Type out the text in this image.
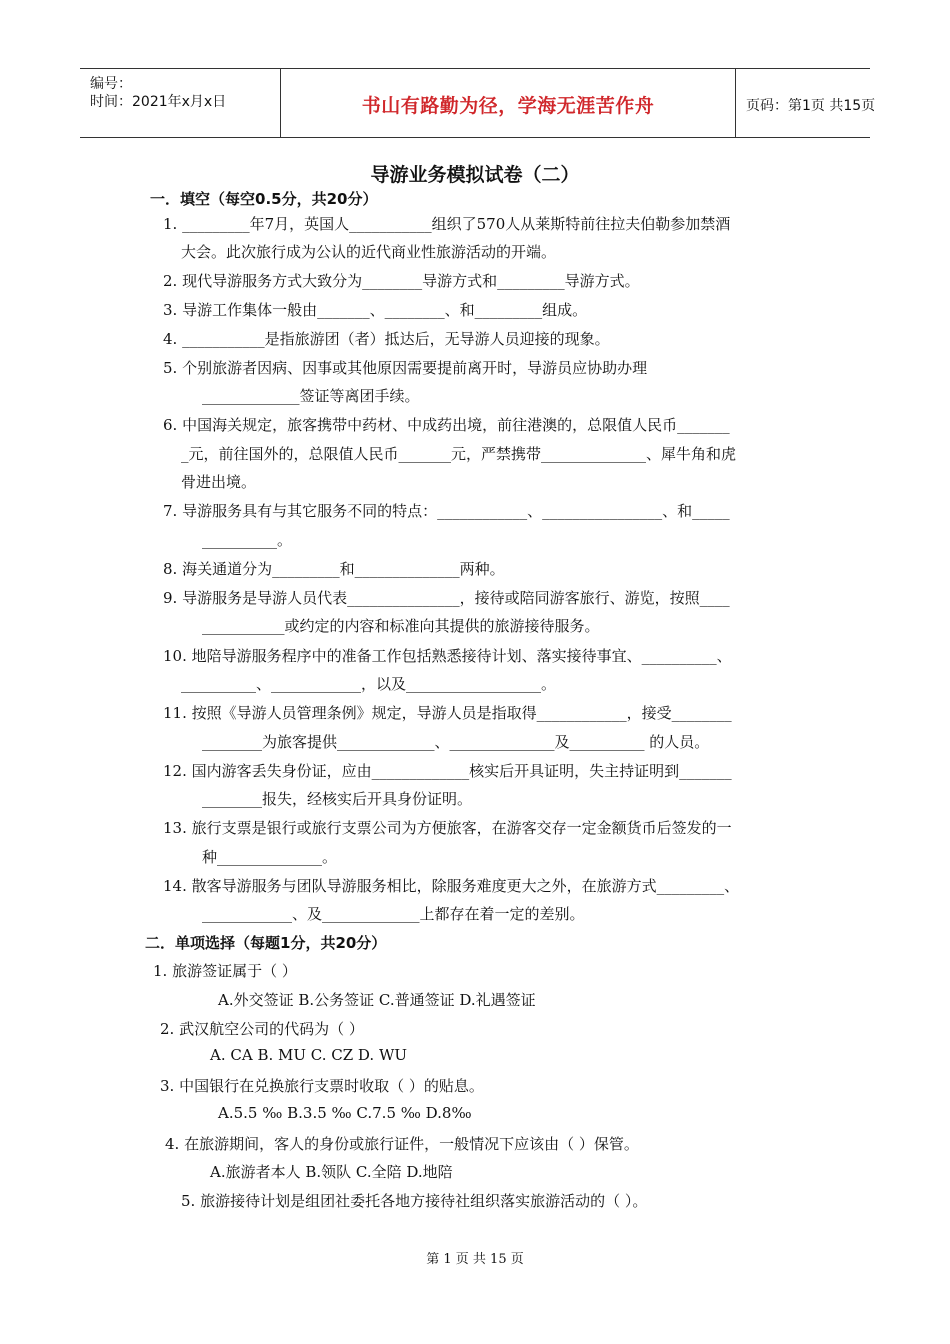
编号：
时间：2021年x月x日	书山有路勤为径，学海无涯苦作舟	页码：第1页 共15页
导游业务模拟试卷（二）
一．填空（每空0.5分，共20分）
1. _________年7月，英国人___________组织了570人从莱斯特前往拉夫伯勒参加禁酒
大会。此次旅行成为公认的近代商业性旅游活动的开端。
2. 现代导游服务方式大致分为________导游方式和_________导游方式。
3. 导游工作集体一般由_______、________、和_________组成。
4. ___________是指旅游团（者）抵达后，无导游人员迎接的现象。
5. 个别旅游者因病、因事或其他原因需要提前离开时，导游员应协助办理
_____________签证等离团手续。
6. 中国海关规定，旅客携带中药材、中成药出境，前往港澳的，总限值人民币_______
_元，前往国外的，总限值人民币_______元，严禁携带______________、犀牛角和虎
骨进出境。
7. 导游服务具有与其它服务不同的特点：____________、________________、和_____
__________。
8. 海关通道分为_________和______________两种。
9. 导游服务是导游人员代表_______________，接待或陪同游客旅行、游览，按照____
___________或约定的内容和标准向其提供的旅游接待服务。
10. 地陪导游服务程序中的准备工作包括熟悉接待计划、落实接待事宜、__________、
__________、____________，以及__________________。
11. 按照《导游人员管理条例》规定，导游人员是指取得____________，接受________
________为旅客提供_____________、______________及__________ 的人员。
12. 国内游客丢失身份证，应由_____________核实后开具证明，失主持证明到_______
________报失，经核实后开具身份证明。
13. 旅行支票是银行或旅行支票公司为方便旅客，在游客交存一定金额货币后签发的一
种______________。
14. 散客导游服务与团队导游服务相比，除服务难度更大之外，在旅游方式_________、
____________、及_____________上都存在着一定的差别。
二．单项选择（每题1分，共20分）
1. 旅游签证属于（ ）
A.外交签证 B.公务签证 C.普通签证 D.礼遇签证
2. 武汉航空公司的代码为（ ）
A. CA B. MU C. CZ D. WU
3. 中国银行在兑换旅行支票时收取（ ）的贴息。
A.5.5 ‰ B.3.5 ‰ C.7.5 ‰ D.8‰
4. 在旅游期间，客人的身份或旅行证件，一般情况下应该由（ ）保管。
A.旅游者本人 B.领队 C.全陪 D.地陪
5. 旅游接待计划是组团社委托各地方接待社组织落实旅游活动的（ ）。
第 1 页 共 15 页
